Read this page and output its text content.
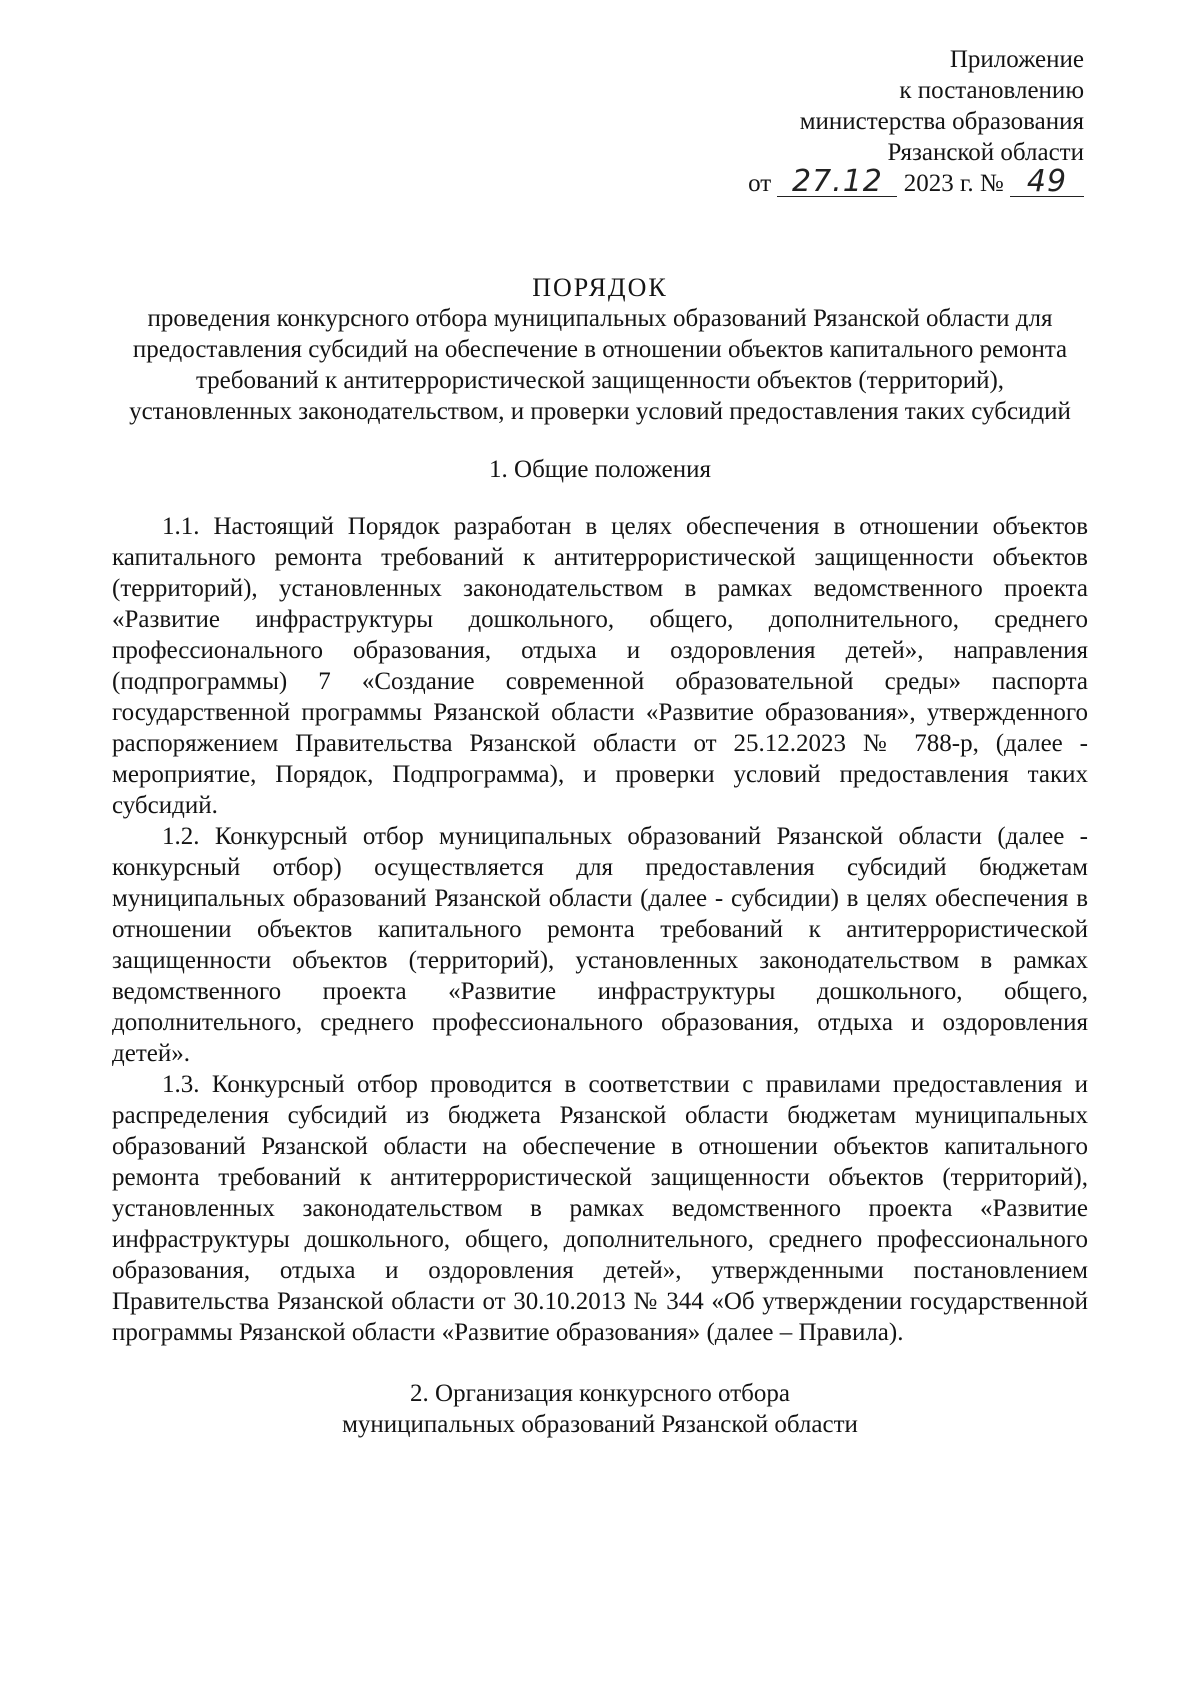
Приложение
к постановлению
министерства образования
Рязанской области
от 27.12 2023 г. № 49
ПОРЯДОК
проведения конкурсного отбора муниципальных образований Рязанской области для предоставления субсидий на обеспечение в отношении объектов капитального ремонта требований к антитеррористической защищенности объектов (территорий), установленных законодательством, и проверки условий предоставления таких субсидий
1. Общие положения

1.1. Настоящий Порядок разработан в целях обеспечения в отношении объектов капитального ремонта требований к антитеррористической защищенности объектов (территорий), установленных законодательством в рамках ведомственного проекта «Развитие инфраструктуры дошкольного, общего, дополнительного, среднего профессионального образования, отдыха и оздоровления детей», направления (подпрограммы) 7 «Создание современной образовательной среды» паспорта государственной программы Рязанской области «Развитие образования», утвержденного распоряжением Правительства Рязанской области от 25.12.2023 № 788-р, (далее - мероприятие, Порядок, Подпрограмма), и проверки условий предоставления таких субсидий.

1.2. Конкурсный отбор муниципальных образований Рязанской области (далее - конкурсный отбор) осуществляется для предоставления субсидий бюджетам муниципальных образований Рязанской области (далее - субсидии) в целях обеспечения в отношении объектов капитального ремонта требований к антитеррористической защищенности объектов (территорий), установленных законодательством в рамках ведомственного проекта «Развитие инфраструктуры дошкольного, общего, дополнительного, среднего профессионального образования, отдыха и оздоровления детей».

1.3. Конкурсный отбор проводится в соответствии с правилами предоставления и распределения субсидий из бюджета Рязанской области бюджетам муниципальных образований Рязанской области на обеспечение в отношении объектов капитального ремонта требований к антитеррористической защищенности объектов (территорий), установленных законодательством в рамках ведомственного проекта «Развитие инфраструктуры дошкольного, общего, дополнительного, среднего профессионального образования, отдыха и оздоровления детей», утвержденными постановлением Правительства Рязанской области от 30.10.2013 № 344 «Об утверждении государственной программы Рязанской области «Развитие образования» (далее – Правила).

2. Организация конкурсного отбора
муниципальных образований Рязанской области
